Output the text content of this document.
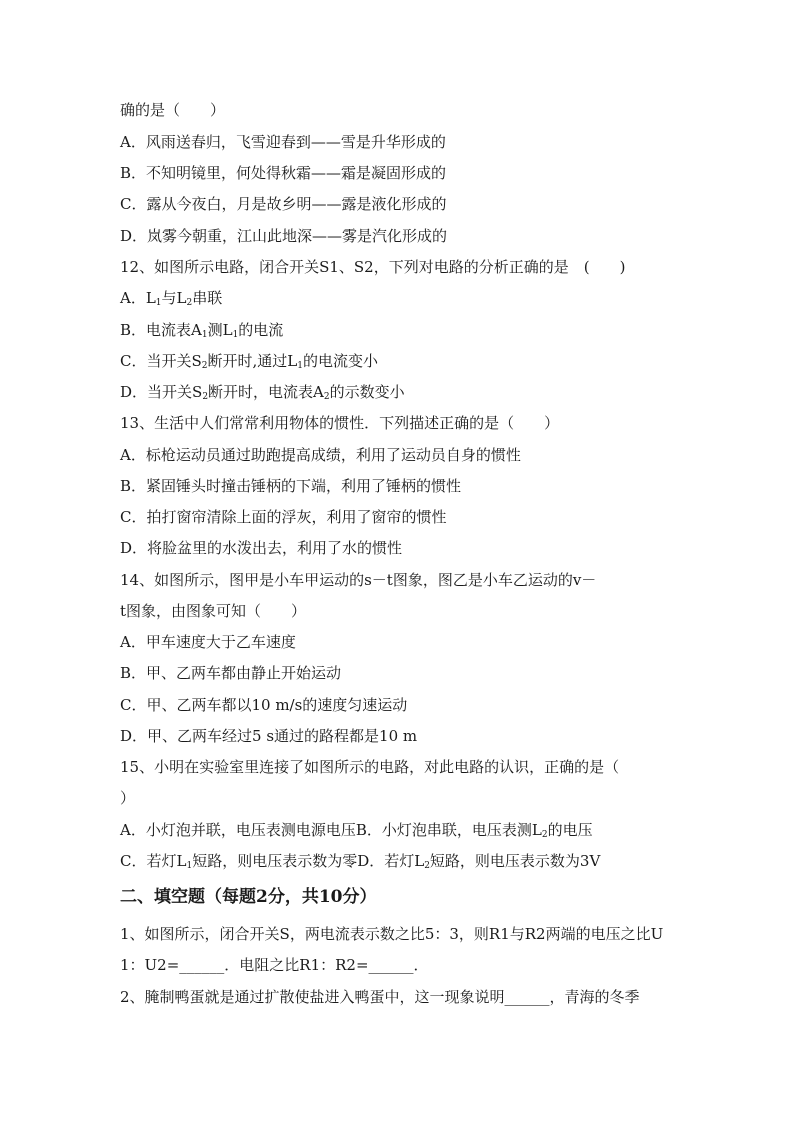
确的是（　　）
A．风雨送春归，飞雪迎春到——雪是升华形成的
B．不知明镜里，何处得秋霜——霜是凝固形成的
C．露从今夜白，月是故乡明——露是液化形成的
D．岚雾今朝重，江山此地深——雾是汽化形成的
12、如图所示电路，闭合开关S1、S2，下列对电路的分析正确的是　(　　)
A．$L_1$与$L_2$串联
B．电流表$A_1$测$L_1$的电流
C．当开关$S_2$断开时,通过$L_1$的电流变小
D．当开关$S_2$断开时，电流表$A_2$的示数变小
13、生活中人们常常利用物体的惯性．下列描述正确的是（　　）
A．标枪运动员通过助跑提高成绩，利用了运动员自身的惯性
B．紧固锤头时撞击锤柄的下端，利用了锤柄的惯性
C．拍打窗帘清除上面的浮灰，利用了窗帘的惯性
D．将脸盆里的水泼出去，利用了水的惯性
14、如图所示，图甲是小车甲运动的s－t图象，图乙是小车乙运动的v－
t图象，由图象可知（　　）
A．甲车速度大于乙车速度
B．甲、乙两车都由静止开始运动
C．甲、乙两车都以10 m/s的速度匀速运动
D．甲、乙两车经过5 s通过的路程都是10 m
15、小明在实验室里连接了如图所示的电路，对此电路的认识，正确的是（
）
A．小灯泡并联，电压表测电源电压B．小灯泡串联，电压表测$L_2$的电压
C．若灯$L_1$短路，则电压表示数为零D．若灯$L_2$短路，则电压表示数为3V
二、填空题（每题2分，共10分）
1、如图所示，闭合开关S，两电流表示数之比5：3，则R1与R2两端的电压之比U
1：U2=______．电阻之比R1：R2=______．
2、腌制鸭蛋就是通过扩散使盐进入鸭蛋中，这一现象说明______，青海的冬季
